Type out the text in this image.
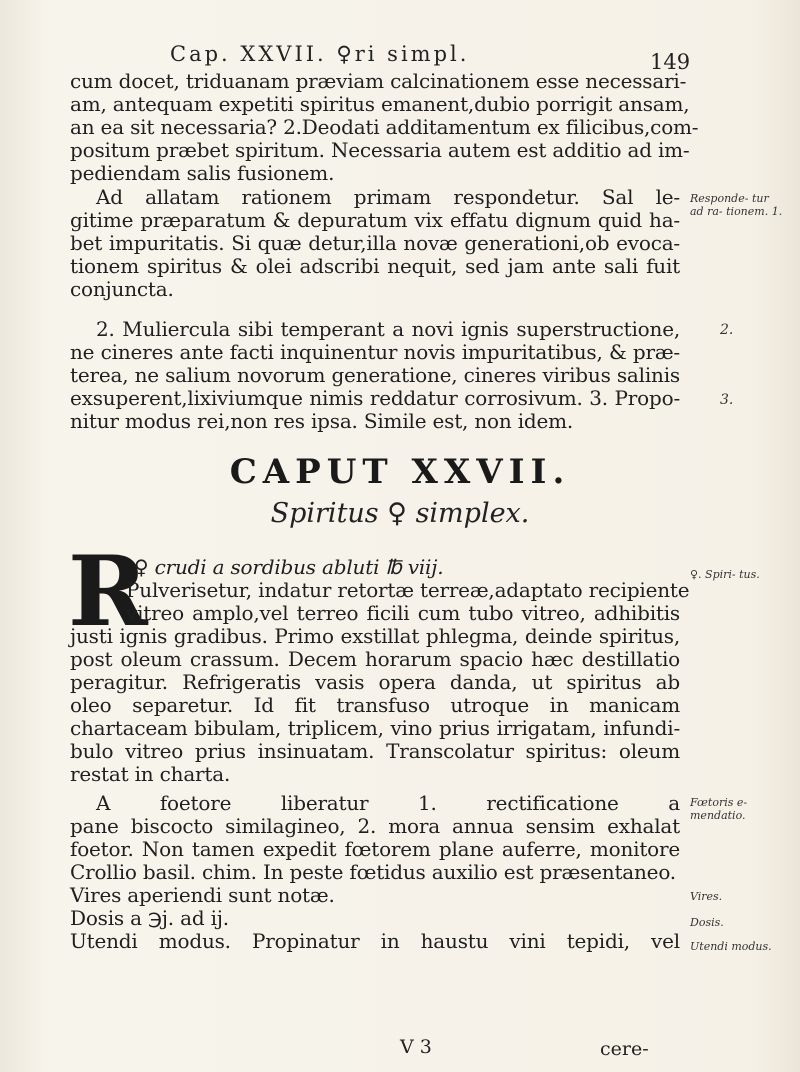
Cap. XXVII. ♀ri simpl.	149
cum docet, triduanam præviam calcinationem esse necessari-
am, antequam expetiti spiritus emanent,dubio porrigit ansam,
an ea sit necessaria? 2.Deodati additamentum ex filicibus,com-
positum præbet spiritum. Necessaria autem est additio ad im-
pediendam salis fusionem.
Ad allatam rationem primam respondetur. Sal le-
gitime præparatum & depuratum vix effatu dignum quid ha-
bet impuritatis. Si quæ detur,illa novæ generationi,ob evoca-
tionem spiritus & olei adscribi nequit, sed jam ante sali fuit
conjuncta.
Responde- tur ad ra- tionem. 1.
2. Muliercula sibi temperant a novi ignis superstructione,
ne cineres ante facti inquinentur novis impuritatibus, & præ-
terea, ne salium novorum generatione, cineres viribus salinis
exsuperent,lixiviumque nimis reddatur corrosivum. 3. Propo-
nitur modus rei,non res ipsa. Simile est, non idem.
2.
3.
CAPUT XXVII.
Spiritus ♀ simplex.
R
♀ crudi a sordibus abluti ℔ viij.
Pulverisetur, indatur retortæ terreæ,adaptato recipiente
vitreo amplo,vel terreo ficili cum tubo vitreo, adhibitis
justi ignis gradibus. Primo exstillat phlegma, deinde spiritus,
post oleum crassum. Decem horarum spacio hæc destillatio
peragitur. Refrigeratis vasis opera danda, ut spiritus ab
oleo separetur. Id fit transfuso utroque in manicam
chartaceam bibulam, triplicem, vino prius irrigatam, infundi-
bulo vitreo prius insinuatam. Transcolatur spiritus: oleum
restat in charta.
♀. Spiri- tus.
A foetore liberatur 1. rectificatione a
pane biscocto similagineo, 2. mora annua sensim exhalat
foetor. Non tamen expedit fœtorem plane auferre, monitore
Crollio basil. chim. In peste fœtidus auxilio est præsentaneo.
Vires aperiendi sunt notæ.
Dosis a ℈j. ad ij.
Utendi modus. Propinatur in haustu vini tepidi, vel
Fœtoris e- mendatio.
Vires.
Dosis.
Utendi modus.
V 3	cere-
